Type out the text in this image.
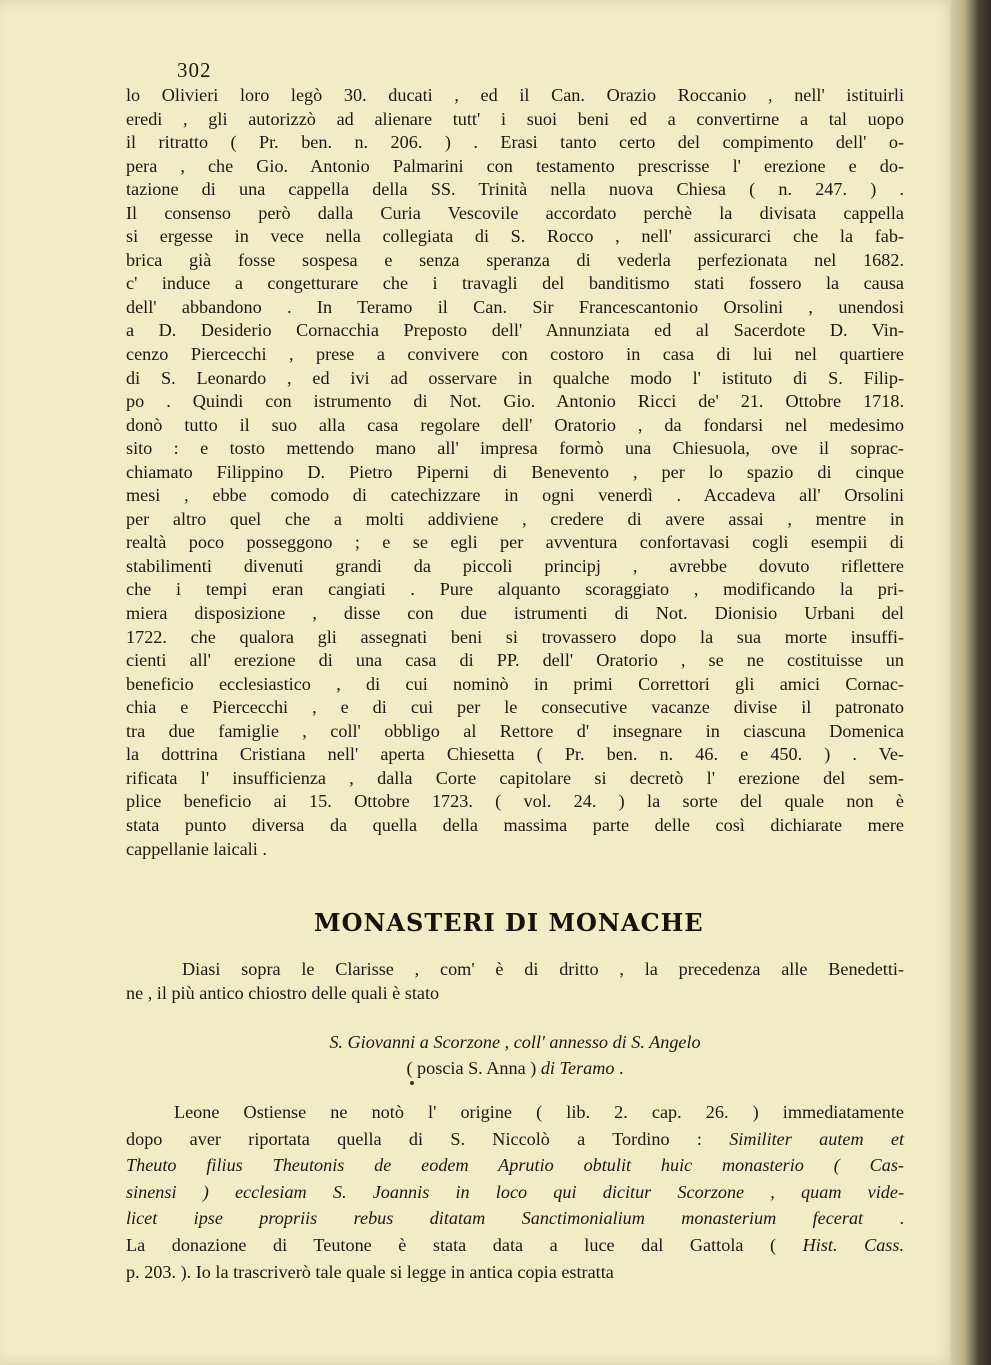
302
lo Olivieri loro legò 30. ducati , ed il Can. Orazio Roccanio , nell' istituirli
eredi , gli autorizzò ad alienare tutt' i suoi beni ed a convertirne a tal uopo
il ritratto ( Pr. ben. n. 206. ) . Erasi tanto certo del compimento dell' o-
pera , che Gio. Antonio Palmarini con testamento prescrisse l' erezione e do-
tazione di una cappella della SS. Trinità nella nuova Chiesa ( n. 247. ) .
Il consenso però dalla Curia Vescovile accordato perchè la divisata cappella
si ergesse in vece nella collegiata di S. Rocco , nell' assicurarci che la fab-
brica già fosse sospesa e senza speranza di vederla perfezionata nel 1682.
c' induce a congetturare che i travagli del banditismo stati fossero la causa
dell' abbandono . In Teramo il Can. Sir Francescantonio Orsolini , unendosi
a D. Desiderio Cornacchia Preposto dell' Annunziata ed al Sacerdote D. Vin-
cenzo Piercecchi , prese a convivere con costoro in casa di lui nel quartiere
di S. Leonardo , ed ivi ad osservare in qualche modo l' istituto di S. Filip-
po . Quindi con istrumento di Not. Gio. Antonio Ricci de' 21. Ottobre 1718.
donò tutto il suo alla casa regolare dell' Oratorio , da fondarsi nel medesimo
sito : e tosto mettendo mano all' impresa formò una Chiesuola, ove il soprac-
chiamato Filippino D. Pietro Piperni di Benevento , per lo spazio di cinque
mesi , ebbe comodo di catechizzare in ogni venerdì . Accadeva all' Orsolini
per altro quel che a molti addiviene , credere di avere assai , mentre in
realtà poco posseggono ; e se egli per avventura confortavasi cogli esempii di
stabilimenti divenuti grandi da piccoli principj , avrebbe dovuto riflettere
che i tempi eran cangiati . Pure alquanto scoraggiato , modificando la pri-
miera disposizione , disse con due istrumenti di Not. Dionisio Urbani del
1722. che qualora gli assegnati beni si trovassero dopo la sua morte insuffi-
cienti all' erezione di una casa di PP. dell' Oratorio , se ne costituisse un
beneficio ecclesiastico , di cui nominò in primi Correttori gli amici Cornac-
chia e Piercecchi , e di cui per le consecutive vacanze divise il patronato
tra due famiglie , coll' obbligo al Rettore d' insegnare in ciascuna Domenica
la dottrina Cristiana nell' aperta Chiesetta ( Pr. ben. n. 46. e 450. ) . Ve-
rificata l' insufficienza , dalla Corte capitolare si decretò l' erezione del sem-
plice beneficio ai 15. Ottobre 1723. ( vol. 24. ) la sorte del quale non è
stata punto diversa da quella della massima parte delle così dichiarate mere
cappellanie laicali .
MONASTERI DI MONACHE
Diasi sopra le Clarisse , com' è di dritto , la precedenza alle Benedetti-
ne , il più antico chiostro delle quali è stato
S. Giovanni a Scorzone , coll' annesso di S. Angelo
( poscia S. Anna ) di Teramo .
Leone Ostiense ne notò l' origine ( lib. 2. cap. 26. ) immediatamente
dopo aver riportata quella di S. Niccolò a Tordino : Similiter autem et
Theuto filius Theutonis de eodem Aprutio obtulit huic monasterio ( Cas-
sinensi ) ecclesiam S. Joannis in loco qui dicitur Scorzone , quam vide-
licet ipse propriis rebus ditatam Sanctimonialium monasterium fecerat .
La donazione di Teutone è stata data a luce dal Gattola ( Hist. Cass.
p. 203. ). Io la trascriverò tale quale si legge in antica copia estratta
